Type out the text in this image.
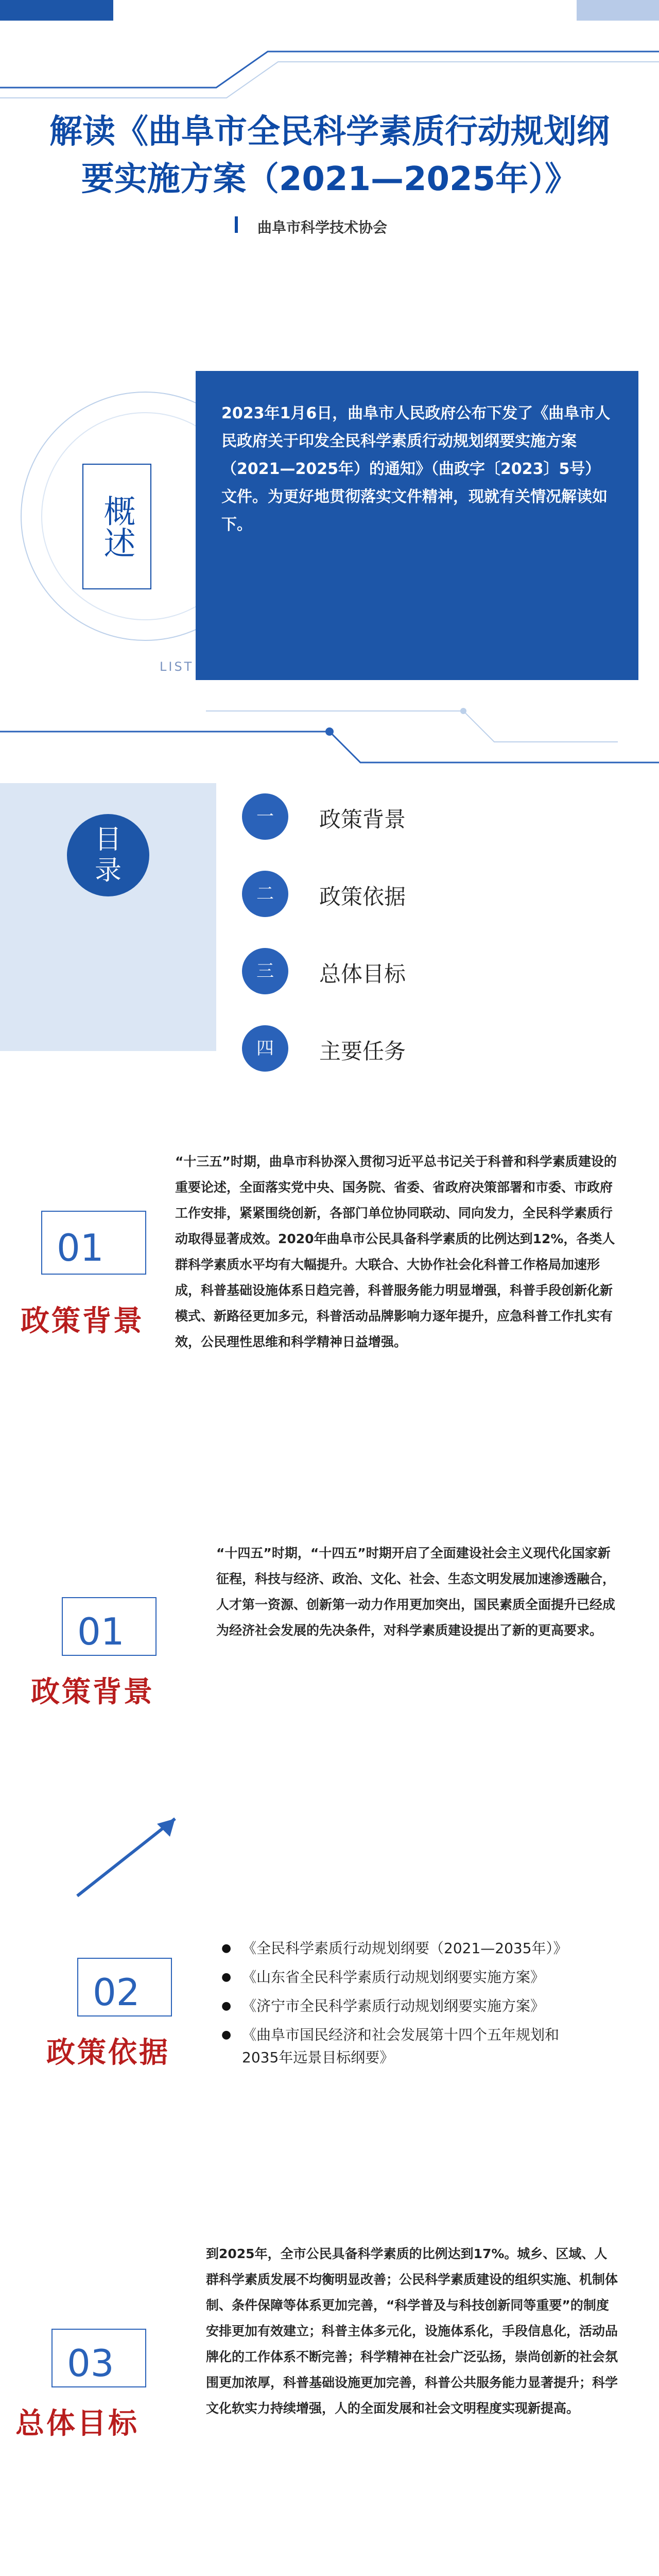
解读《曲阜市全民科学素质行动规划纲
要实施方案（2021—2025年）》
曲阜市科学技术协会
概述
LIST
2023年1月6日，曲阜市人民政府公布下发了《曲阜市人民政府关于印发全民科学素质行动规划纲要实施方案（2021—2025年）的通知》（曲政字〔2023〕5号）文件。为更好地贯彻落实文件精神，现就有关情况解读如下。
目
录
一	政策背景
二	政策依据
三	总体目标
四	主要任务
01
政策背景
“十三五”时期，曲阜市科协深入贯彻习近平总书记关于科普和科学素质建设的重要论述，全面落实党中央、国务院、省委、省政府决策部署和市委、市政府工作安排，紧紧围绕创新，各部门单位协同联动、同向发力，全民科学素质行动取得显著成效。2020年曲阜市公民具备科学素质的比例达到12%，各类人群科学素质水平均有大幅提升。大联合、大协作社会化科普工作格局加速形成，科普基础设施体系日趋完善，科普服务能力明显增强，科普手段创新化新模式、新路径更加多元，科普活动品牌影响力逐年提升，应急科普工作扎实有效，公民理性思维和科学精神日益增强。
01
政策背景
“十四五”时期，“十四五”时期开启了全面建设社会主义现代化国家新征程，科技与经济、政治、文化、社会、生态文明发展加速渗透融合，人才第一资源、创新第一动力作用更加突出，国民素质全面提升已经成为经济社会发展的先决条件，对科学素质建设提出了新的更高要求。
02
政策依据
● 《全民科学素质行动规划纲要（2021—2035年）》
● 《山东省全民科学素质行动规划纲要实施方案》
● 《济宁市全民科学素质行动规划纲要实施方案》
● 《曲阜市国民经济和社会发展第十四个五年规划和2035年远景目标纲要》
03
总体目标
到2025年，全市公民具备科学素质的比例达到17%。城乡、区域、人群科学素质发展不均衡明显改善；公民科学素质建设的组织实施、机制体制、条件保障等体系更加完善，“科学普及与科技创新同等重要”的制度安排更加有效建立；科普主体多元化，设施体系化，手段信息化，活动品牌化的工作体系不断完善；科学精神在社会广泛弘扬，崇尚创新的社会氛围更加浓厚，科普基础设施更加完善，科普公共服务能力显著提升；科学文化软实力持续增强，人的全面发展和社会文明程度实现新提高。
